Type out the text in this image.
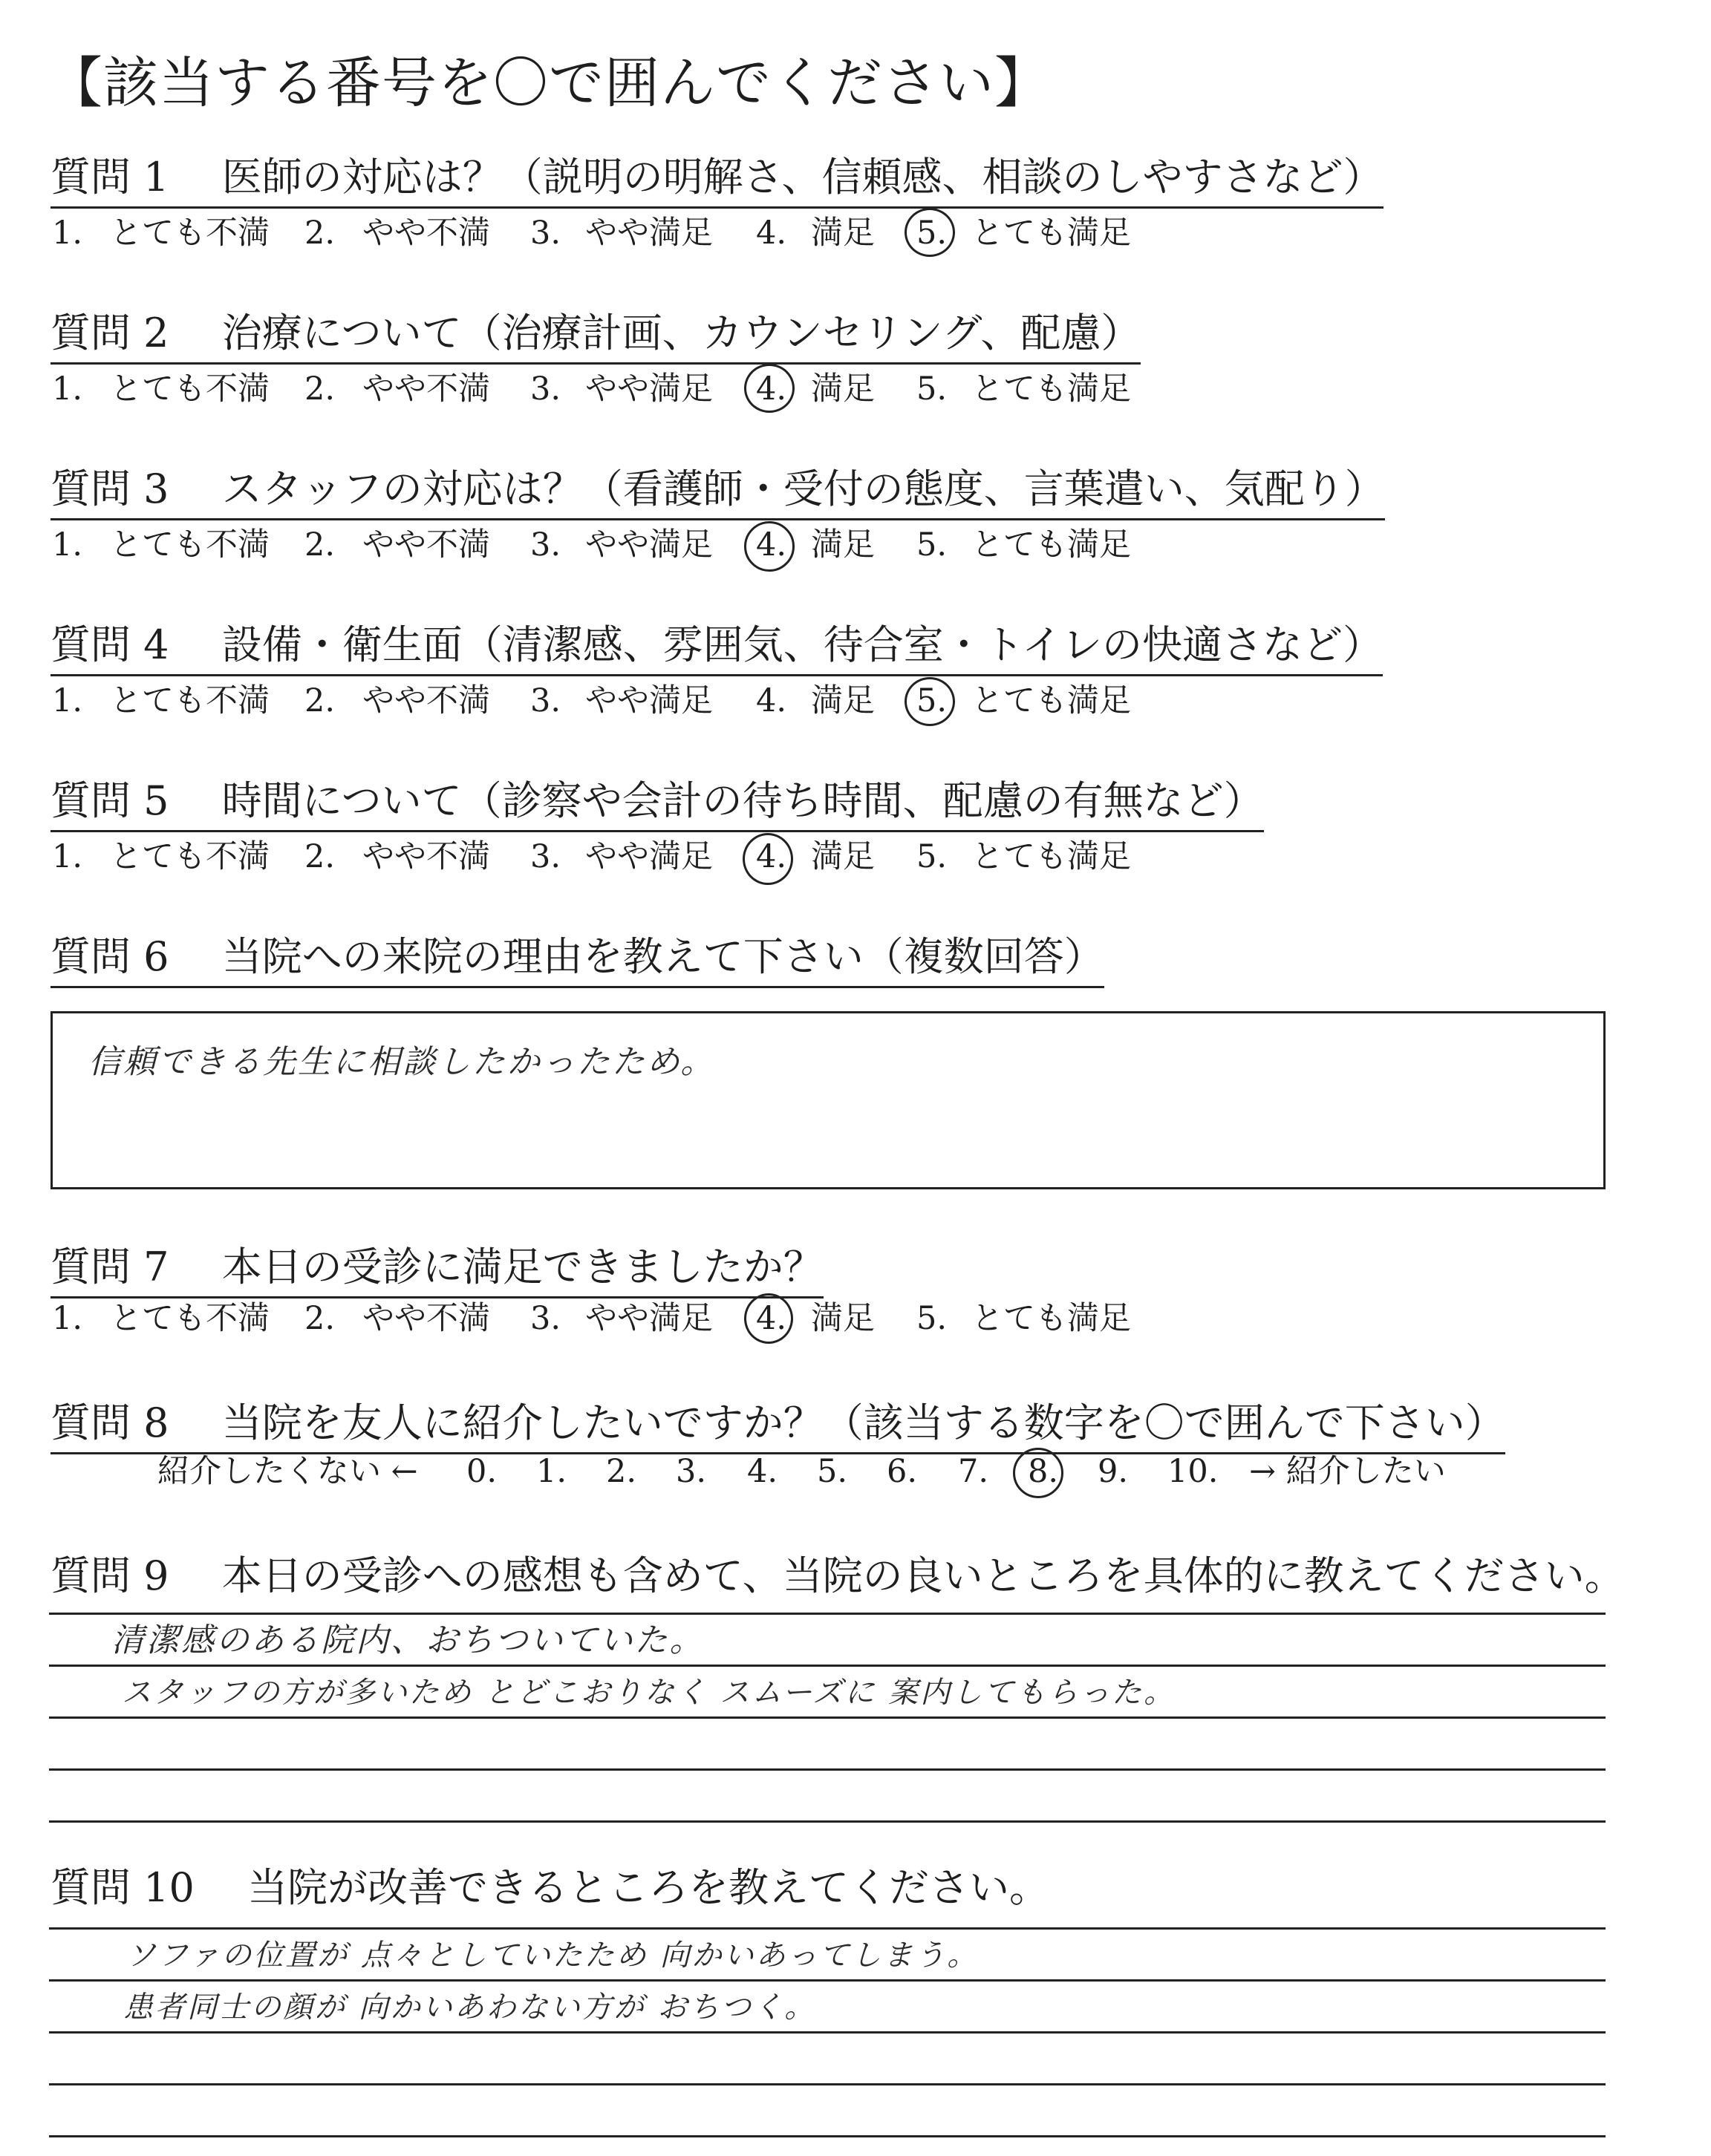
【該当する番号を〇で囲んでください】
質問 1　 医師の対応は？（説明の明解さ、信頼感、相談のしやすさなど）
1. とても不満 2. やや不満 3. やや満足 4. 満足 5. とても満足
質問 2　 治療について（治療計画、カウンセリング、配慮）
1. とても不満 2. やや不満 3. やや満足 4. 満足 5. とても満足
質問 3　 スタッフの対応は？（看護師・受付の態度、言葉遣い、気配り）
1. とても不満 2. やや不満 3. やや満足 4. 満足 5. とても満足
質問 4　 設備・衛生面（清潔感、雰囲気、待合室・トイレの快適さなど）
1. とても不満 2. やや不満 3. やや満足 4. 満足 5. とても満足
質問 5　 時間について（診察や会計の待ち時間、配慮の有無など）
1. とても不満 2. やや不満 3. やや満足 4. 満足 5. とても満足
質問 6　 当院への来院の理由を教えて下さい（複数回答）
信頼できる先生に相談したかったため。
質問 7　 本日の受診に満足できましたか？
1. とても不満 2. やや不満 3. やや満足 4. 満足 5. とても満足
質問 8　 当院を友人に紹介したいですか？（該当する数字を〇で囲んで下さい）
紹介したくない ← 0. 1. 2. 3. 4. 5. 6. 7. 8. 9. 10. → 紹介したい
質問 9　 本日の受診への感想も含めて、当院の良いところを具体的に教えてください。
清潔感のある院内、おちついていた。
スタッフの方が多いため とどこおりなく スムーズに 案内してもらった。
質問 10　 当院が改善できるところを教えてください。
ソファの位置が 点々としていたため 向かいあってしまう。
患者同士の顔が 向かいあわない方が おちつく。
